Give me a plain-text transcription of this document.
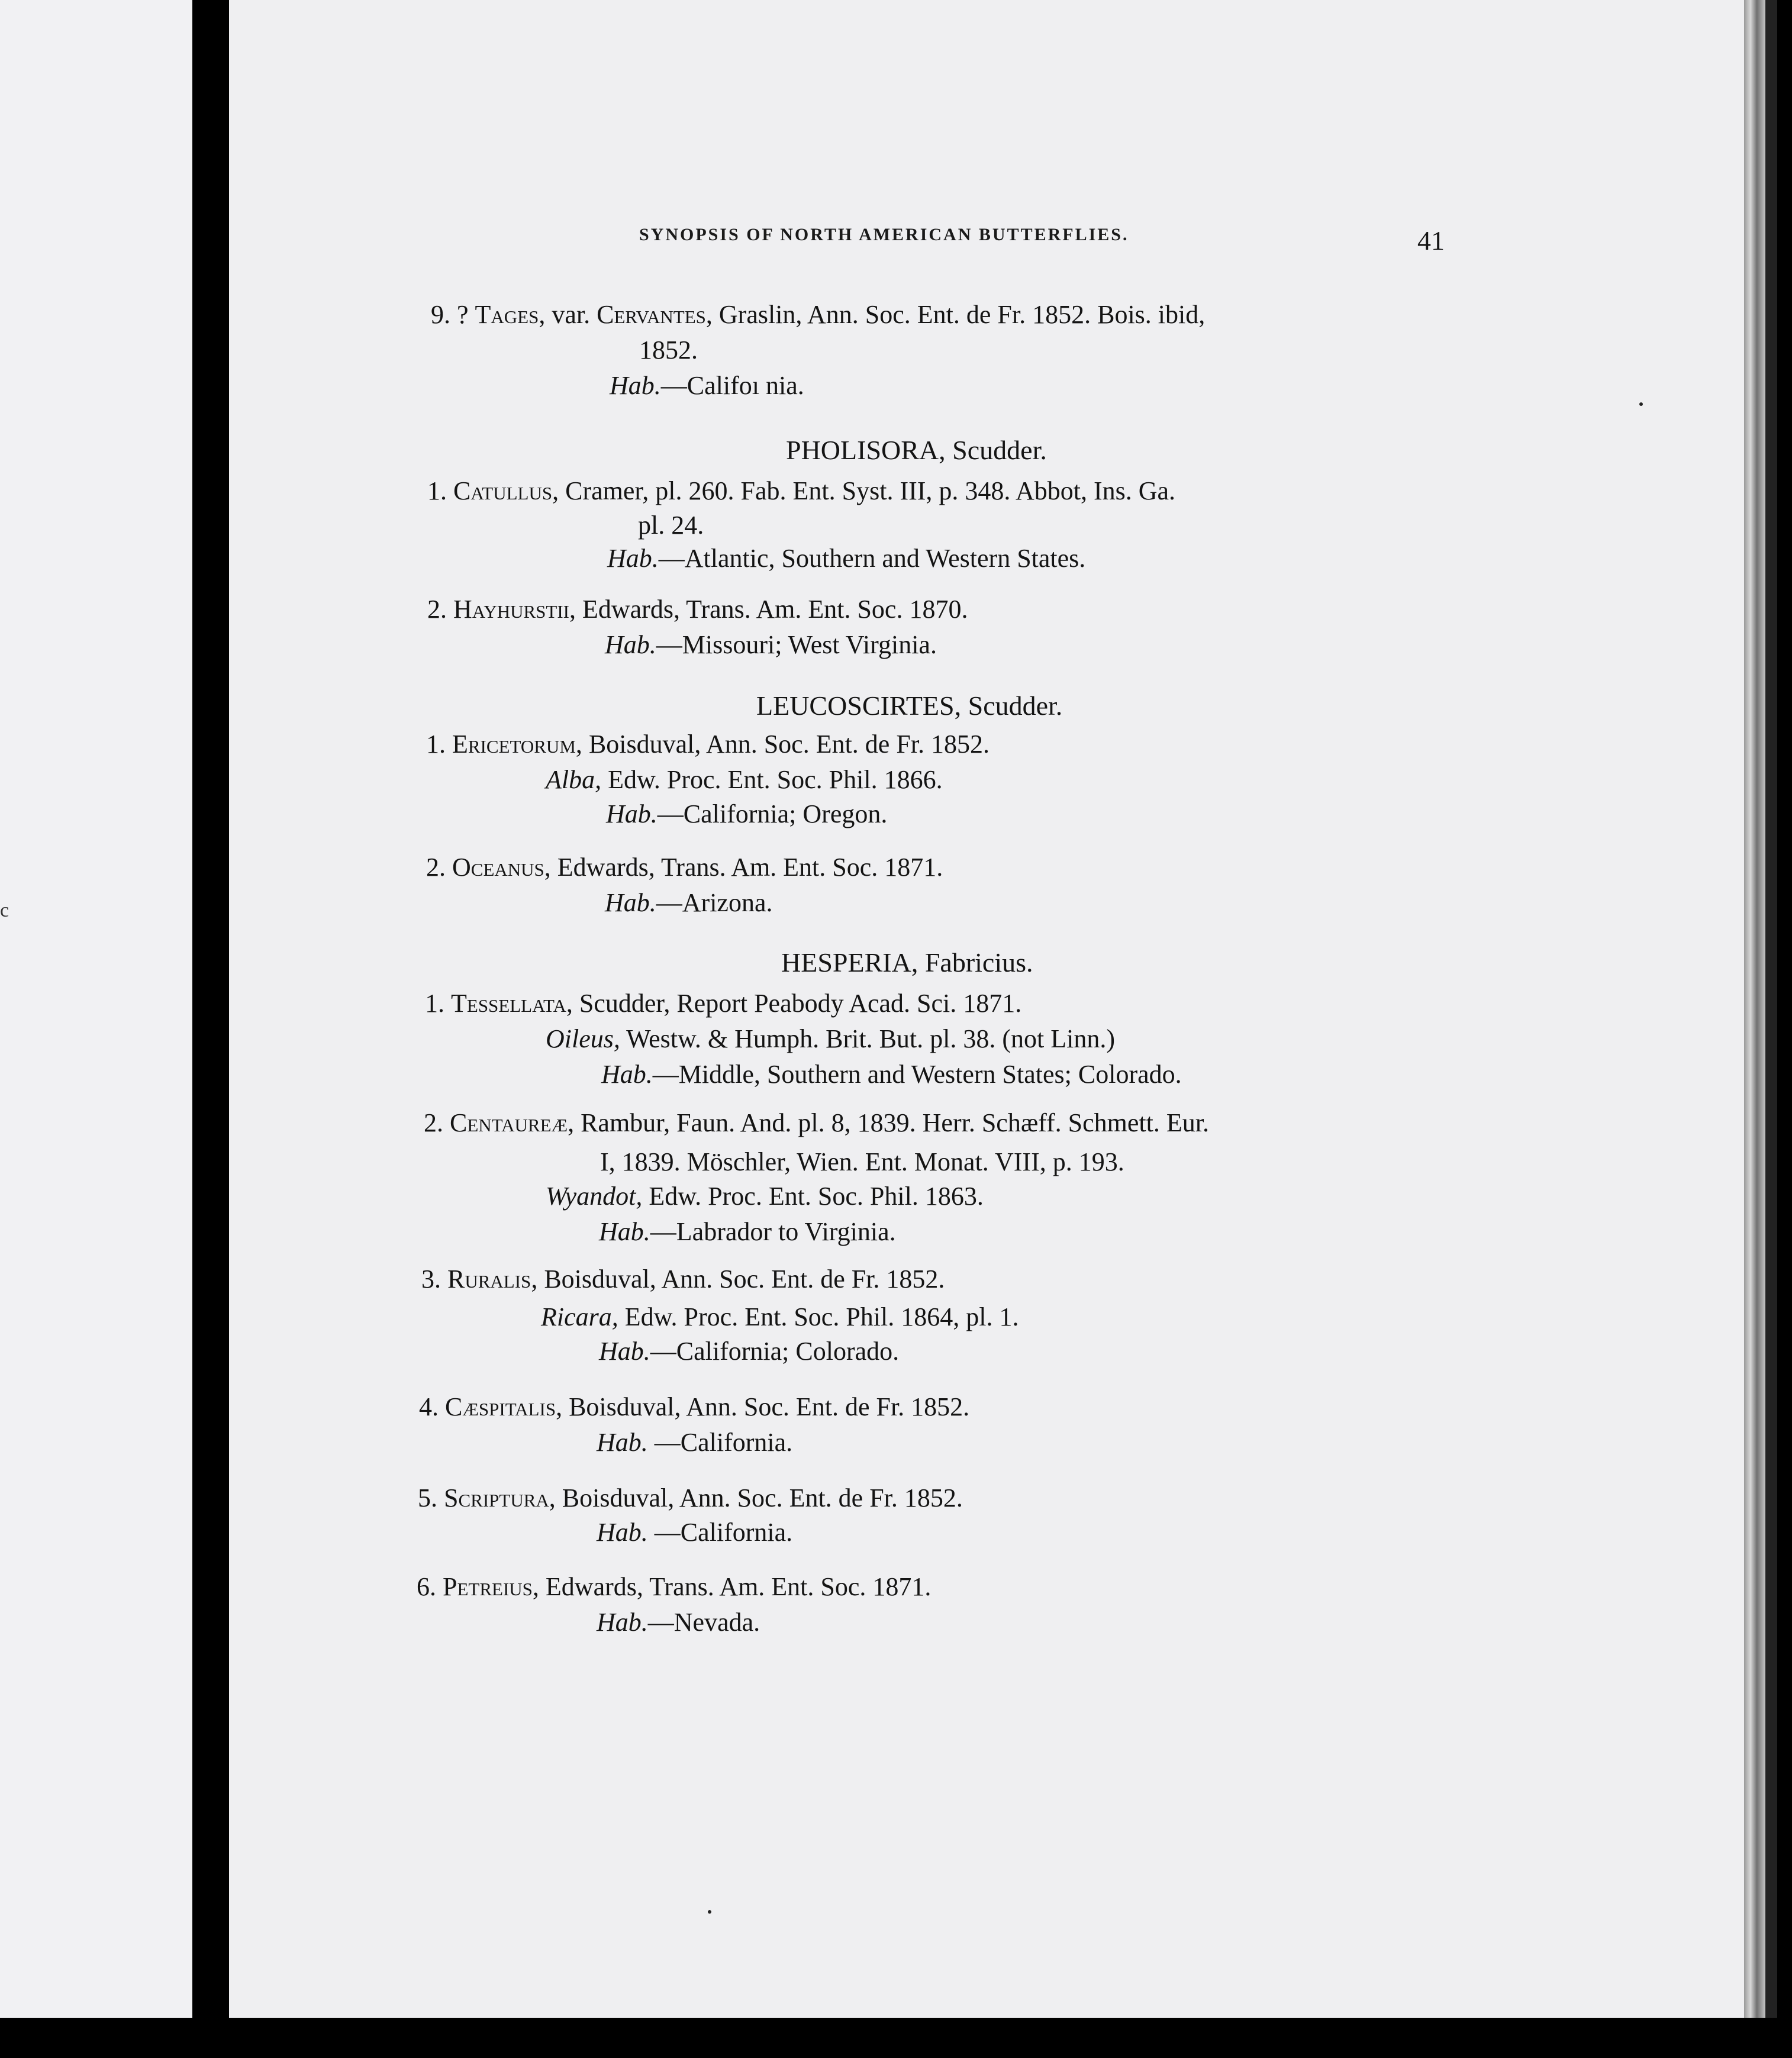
c
SYNOPSIS OF NORTH AMERICAN BUTTERFLIES.	41
9. ? Tages, var. Cervantes, Graslin, Ann. Soc. Ent. de Fr. 1852. Bois. ibid,
1852.
Hab.—Califoı nia.
PHOLISORA, Scudder.
1. Catullus, Cramer, pl. 260. Fab. Ent. Syst. III, p. 348. Abbot, Ins. Ga.
pl. 24.
Hab.—Atlantic, Southern and Western States.
2. Hayhurstii, Edwards, Trans. Am. Ent. Soc. 1870.
Hab.—Missouri; West Virginia.
LEUCOSCIRTES, Scudder.
1. Ericetorum, Boisduval, Ann. Soc. Ent. de Fr. 1852.
Alba, Edw. Proc. Ent. Soc. Phil. 1866.
Hab.—California; Oregon.
2. Oceanus, Edwards, Trans. Am. Ent. Soc. 1871.
Hab.—Arizona.
HESPERIA, Fabricius.
1. Tessellata, Scudder, Report Peabody Acad. Sci. 1871.
Oileus, Westw. & Humph. Brit. But. pl. 38. (not Linn.)
Hab.—Middle, Southern and Western States; Colorado.
2. Centaureæ, Rambur, Faun. And. pl. 8, 1839. Herr. Schæff. Schmett. Eur.
I, 1839. Möschler, Wien. Ent. Monat. VIII, p. 193.
Wyandot, Edw. Proc. Ent. Soc. Phil. 1863.
Hab.—Labrador to Virginia.
3. Ruralis, Boisduval, Ann. Soc. Ent. de Fr. 1852.
Ricara, Edw. Proc. Ent. Soc. Phil. 1864, pl. 1.
Hab.—California; Colorado.
4. Cæspitalis, Boisduval, Ann. Soc. Ent. de Fr. 1852.
Hab. —California.
5. Scriptura, Boisduval, Ann. Soc. Ent. de Fr. 1852.
Hab. —California.
6. Petreius, Edwards, Trans. Am. Ent. Soc. 1871.
Hab.—Nevada.
